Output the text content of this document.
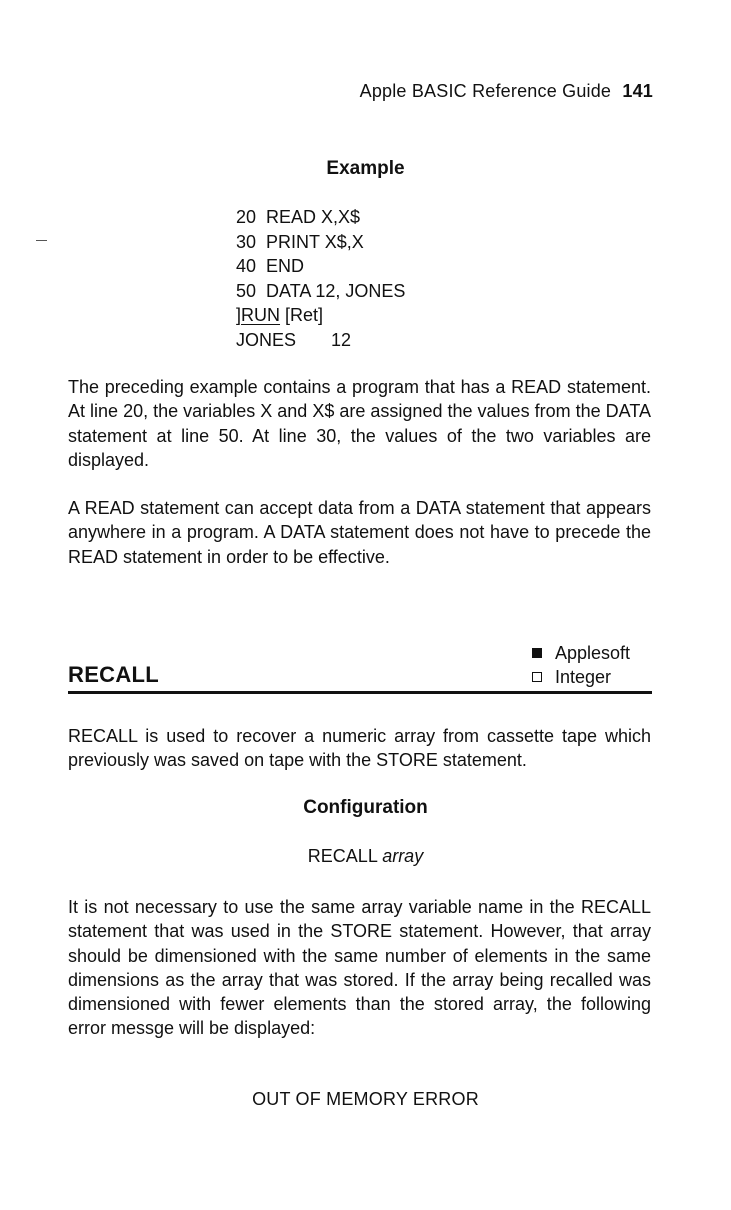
Apple BASIC Reference Guide 141
Example
20  READ X,X$
30  PRINT X$,X
40  END
50  DATA 12, JONES
]RUN [Ret]
JONES       12

The preceding example contains a program that has a READ statement. At line 20, the variables X and X$ are assigned the values from the DATA statement at line 50. At line 30, the values of the two variables are displayed.

A READ statement can accept data from a DATA statement that appears anywhere in a program. A DATA statement does not have to precede the READ statement in order to be effective.

Applesoft
Integer
RECALL

RECALL is used to recover a numeric array from cassette tape which previously was saved on tape with the STORE statement.

Configuration
RECALL array

It is not necessary to use the same array variable name in the RECALL statement that was used in the STORE statement. However, that array should be dimensioned with the same number of elements in the same dimensions as the array that was stored. If the array being recalled was dimensioned with fewer elements than the stored array, the following error messge will be displayed:

OUT OF MEMORY ERROR
